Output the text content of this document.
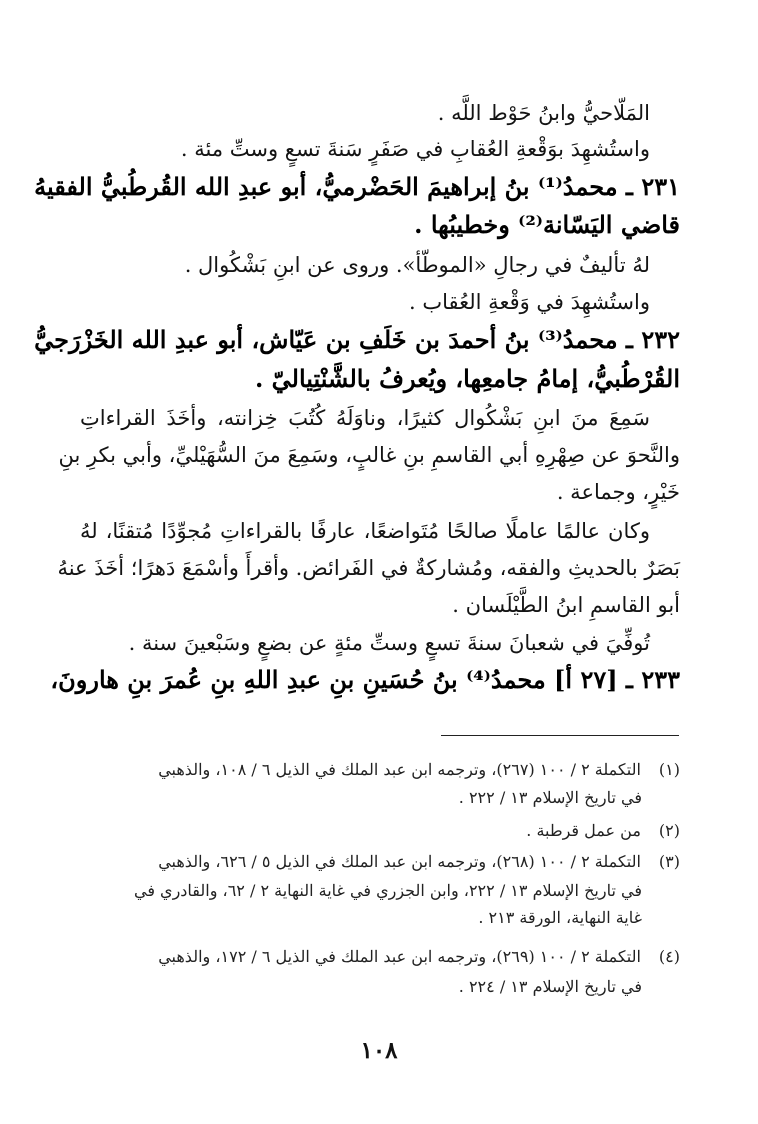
المَلّاحيُّ وابنُ حَوْط اللَّه .
واستُشهِدَ بوَقْعةِ العُقابِ في صَفَرٍ سَنةَ تسعٍ وستِّ مئة .
٢٣١ ـ محمدُ⁽¹⁾ بنُ إبراهيمَ الحَضْرميُّ، أبو عبدِ الله القُرطُبيُّ الفقيهُ
قاضي اليَسّانة⁽²⁾ وخطيبُها .
لهُ تأليفٌ في رجالِ «الموطّأ». وروى عن ابنِ بَشْكُوال .
واستُشهِدَ في وَقْعةِ العُقاب .
٢٣٢ ـ محمدُ⁽³⁾ بنُ أحمدَ بن خَلَفِ بن عَيّاش، أبو عبدِ الله الخَزْرَجيُّ
القُرْطُبيُّ، إمامُ جامعِها، ويُعرفُ بالشَّنْتِياليّ .
سَمِعَ منَ ابنِ بَشْكُوال كثيرًا، وناوَلَهُ كُتُبَ خِزانته، وأخَذَ القراءاتِ
والنَّحوَ عن صِهْرِهِ أبي القاسمِ بنِ غالبٍ، وسَمِعَ منَ السُّهَيْليِّ، وأبي بكرِ بنِ
خَيْرٍ، وجماعة .
وكان عالمًا عاملًا صالحًا مُتَواضعًا، عارفًا بالقراءاتِ مُجوِّدًا مُتقنًا، لهُ
بَصَرٌ بالحديثِ والفقه، ومُشاركةٌ في الفَرائض. وأقرأَ وأسْمَعَ دَهرًا؛ أخَذَ عنهُ
أبو القاسمِ ابنُ الطَّيْلَسان .
تُوفِّيَ في شعبانَ سنةَ تسعٍ وستِّ مئةٍ عن بضعٍ وسَبْعينَ سنة .
٢٣٣ ـ [٢٧ أ] محمدُ⁽⁴⁾ بنُ حُسَينِ بنِ عبدِ اللهِ بنِ عُمرَ بنِ هارونَ،
(١) التكملة ٢ / ١٠٠ (٢٦٧)، وترجمه ابن عبد الملك في الذيل ٦ / ١٠٨، والذهبي
في تاريخ الإسلام ١٣ / ٢٢٢ .
(٢) من عمل قرطبة .
(٣) التكملة ٢ / ١٠٠ (٢٦٨)، وترجمه ابن عبد الملك في الذيل ٥ / ٦٢٦، والذهبي
في تاريخ الإسلام ١٣ / ٢٢٢، وابن الجزري في غاية النهاية ٢ / ٦٢، والقادري في
غاية النهاية، الورقة ٢١٣ .
(٤) التكملة ٢ / ١٠٠ (٢٦٩)، وترجمه ابن عبد الملك في الذيل ٦ / ١٧٢، والذهبي
في تاريخ الإسلام ١٣ / ٢٢٤ .
١٠٨
